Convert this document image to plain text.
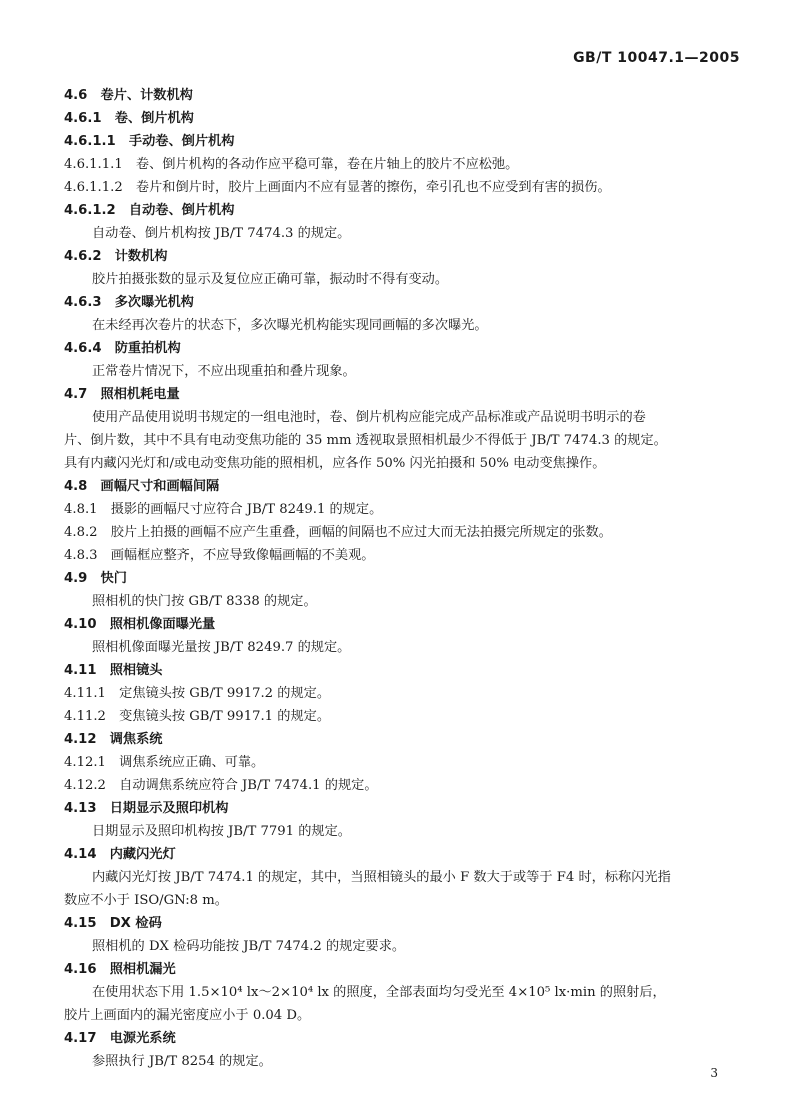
GB/T 10047.1—2005
4.6　卷片、计数机构
4.6.1　卷、倒片机构
4.6.1.1　手动卷、倒片机构
4.6.1.1.1　卷、倒片机构的各动作应平稳可靠，卷在片轴上的胶片不应松弛。
4.6.1.1.2　卷片和倒片时，胶片上画面内不应有显著的擦伤，牵引孔也不应受到有害的损伤。
4.6.1.2　自动卷、倒片机构
自动卷、倒片机构按 JB/T 7474.3 的规定。
4.6.2　计数机构
胶片拍摄张数的显示及复位应正确可靠，振动时不得有变动。
4.6.3　多次曝光机构
在未经再次卷片的状态下，多次曝光机构能实现同画幅的多次曝光。
4.6.4　防重拍机构
正常卷片情况下，不应出现重拍和叠片现象。
4.7　照相机耗电量
使用产品使用说明书规定的一组电池时，卷、倒片机构应能完成产品标准或产品说明书明示的卷
片、倒片数，其中不具有电动变焦功能的 35 mm 透视取景照相机最少不得低于 JB/T 7474.3 的规定。
具有内藏闪光灯和/或电动变焦功能的照相机，应各作 50% 闪光拍摄和 50% 电动变焦操作。
4.8　画幅尺寸和画幅间隔
4.8.1　摄影的画幅尺寸应符合 JB/T 8249.1 的规定。
4.8.2　胶片上拍摄的画幅不应产生重叠，画幅的间隔也不应过大而无法拍摄完所规定的张数。
4.8.3　画幅框应整齐，不应导致像幅画幅的不美观。
4.9　快门
照相机的快门按 GB/T 8338 的规定。
4.10　照相机像面曝光量
照相机像面曝光量按 JB/T 8249.7 的规定。
4.11　照相镜头
4.11.1　定焦镜头按 GB/T 9917.2 的规定。
4.11.2　变焦镜头按 GB/T 9917.1 的规定。
4.12　调焦系统
4.12.1　调焦系统应正确、可靠。
4.12.2　自动调焦系统应符合 JB/T 7474.1 的规定。
4.13　日期显示及照印机构
日期显示及照印机构按 JB/T 7791 的规定。
4.14　内藏闪光灯
内藏闪光灯按 JB/T 7474.1 的规定，其中，当照相镜头的最小 F 数大于或等于 F4 时，标称闪光指
数应不小于 ISO/GN:8 m。
4.15　DX 检码
照相机的 DX 检码功能按 JB/T 7474.2 的规定要求。
4.16　照相机漏光
在使用状态下用 1.5×10⁴ lx～2×10⁴ lx 的照度，全部表面均匀受光至 4×10⁵ lx·min 的照射后，
胶片上画面内的漏光密度应小于 0.04 D。
4.17　电源光系统
参照执行 JB/T 8254 的规定。
3
